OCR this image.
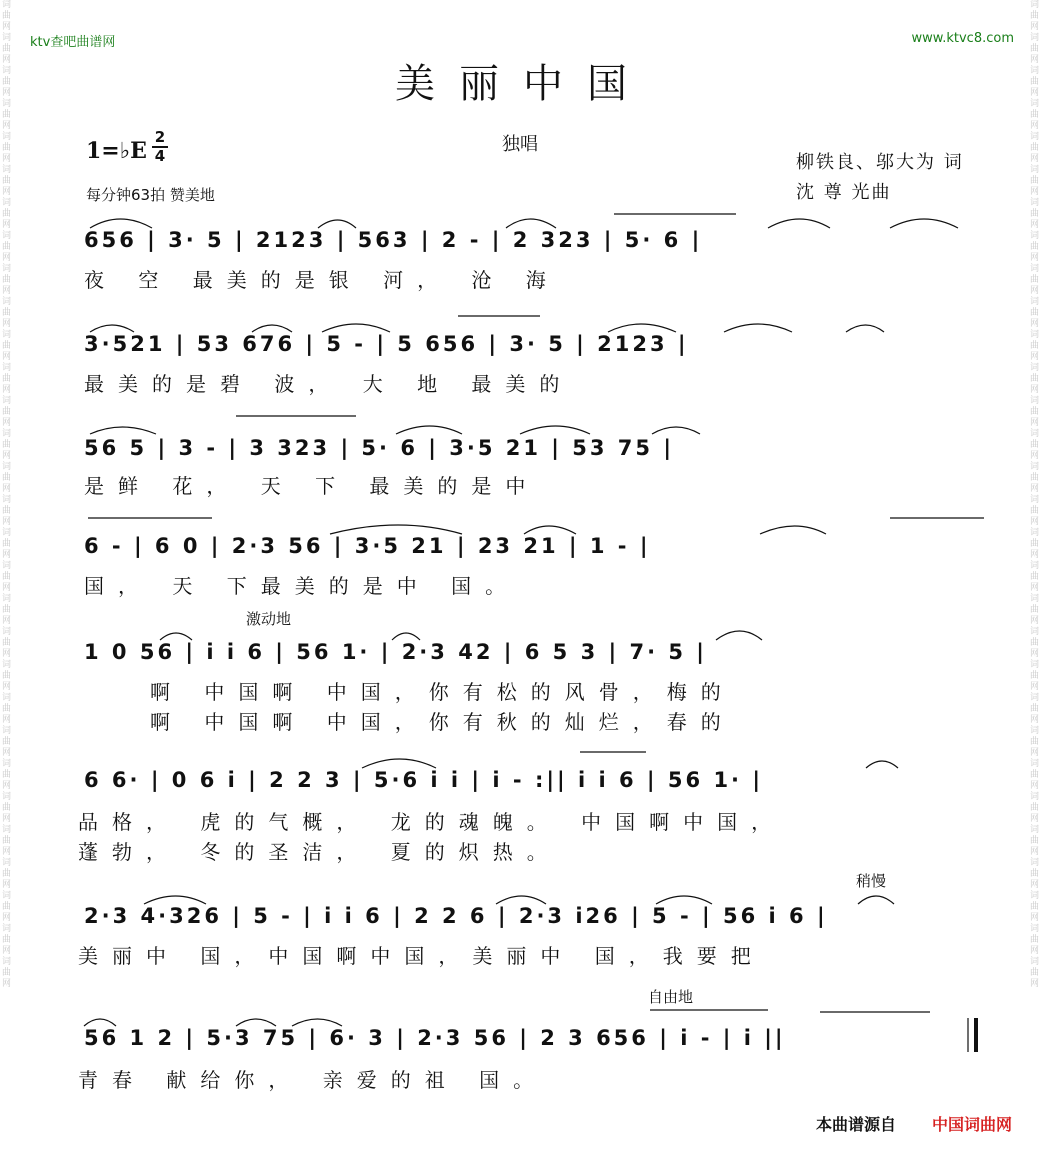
词曲网词曲网词曲网词曲网词曲网词曲网词曲网词曲网词曲网词曲网词曲网词曲网词曲网词曲网词曲网词曲网词曲网词曲网词曲网词曲网词曲网词曲网词曲网词曲网词曲网词曲网词曲网词曲网词曲网词曲网
词曲网词曲网词曲网词曲网词曲网词曲网词曲网词曲网词曲网词曲网词曲网词曲网词曲网词曲网词曲网词曲网词曲网词曲网词曲网词曲网词曲网词曲网词曲网词曲网词曲网词曲网词曲网词曲网词曲网词曲网
ktv查吧曲谱网	www.ktvc8.com
美丽中国
1=♭E
2
4
独唱
每分钟63拍 赞美地
柳铁良、邬大为 词
沈 尊 光曲
激动地
稍慢
自由地
656 | 3· 5 | 2123 | 563 | 2 - | 2 323 | 5· 6 |
夜 空 最美的是银 河， 沧 海
3·521 | 53 676 | 5 - | 5 656 | 3· 5 | 2123 |
最美的是碧 波， 大 地 最美的
56 5 | 3 - | 3 323 | 5· 6 | 3·5 21 | 53 75 |
是鲜 花， 天 下 最美的是中
6 - | 6 0 | 2·3 56 | 3·5 21 | 23 21 | 1 - |
国， 天 下最美的是中 国。
1 0 56 | i i 6 | 56 1· | 2·3 42 | 6 5 3 | 7· 5 |
啊 中国啊 中国，你有松的风骨，梅的
啊 中国啊 中国，你有秋的灿烂，春的
6 6· | 0 6 i | 2 2 3 | 5·6 i i | i - :|| i i 6 | 56 1· |
品格， 虎的气概， 龙的魂魄。 中国啊中国，
蓬勃， 冬的圣洁， 夏的炽热。
2·3 4·326 | 5 - | i i 6 | 2 2 6 | 2·3 i26 | 5 - | 56 i 6 |
美丽中 国，中国啊中国，美丽中 国，我要把
56 1 2 | 5·3 75 | 6· 3 | 2·3 56 | 2 3 656 | i - | i ||
青春 献给你， 亲爱的祖 国。
本曲谱源自 中国词曲网
